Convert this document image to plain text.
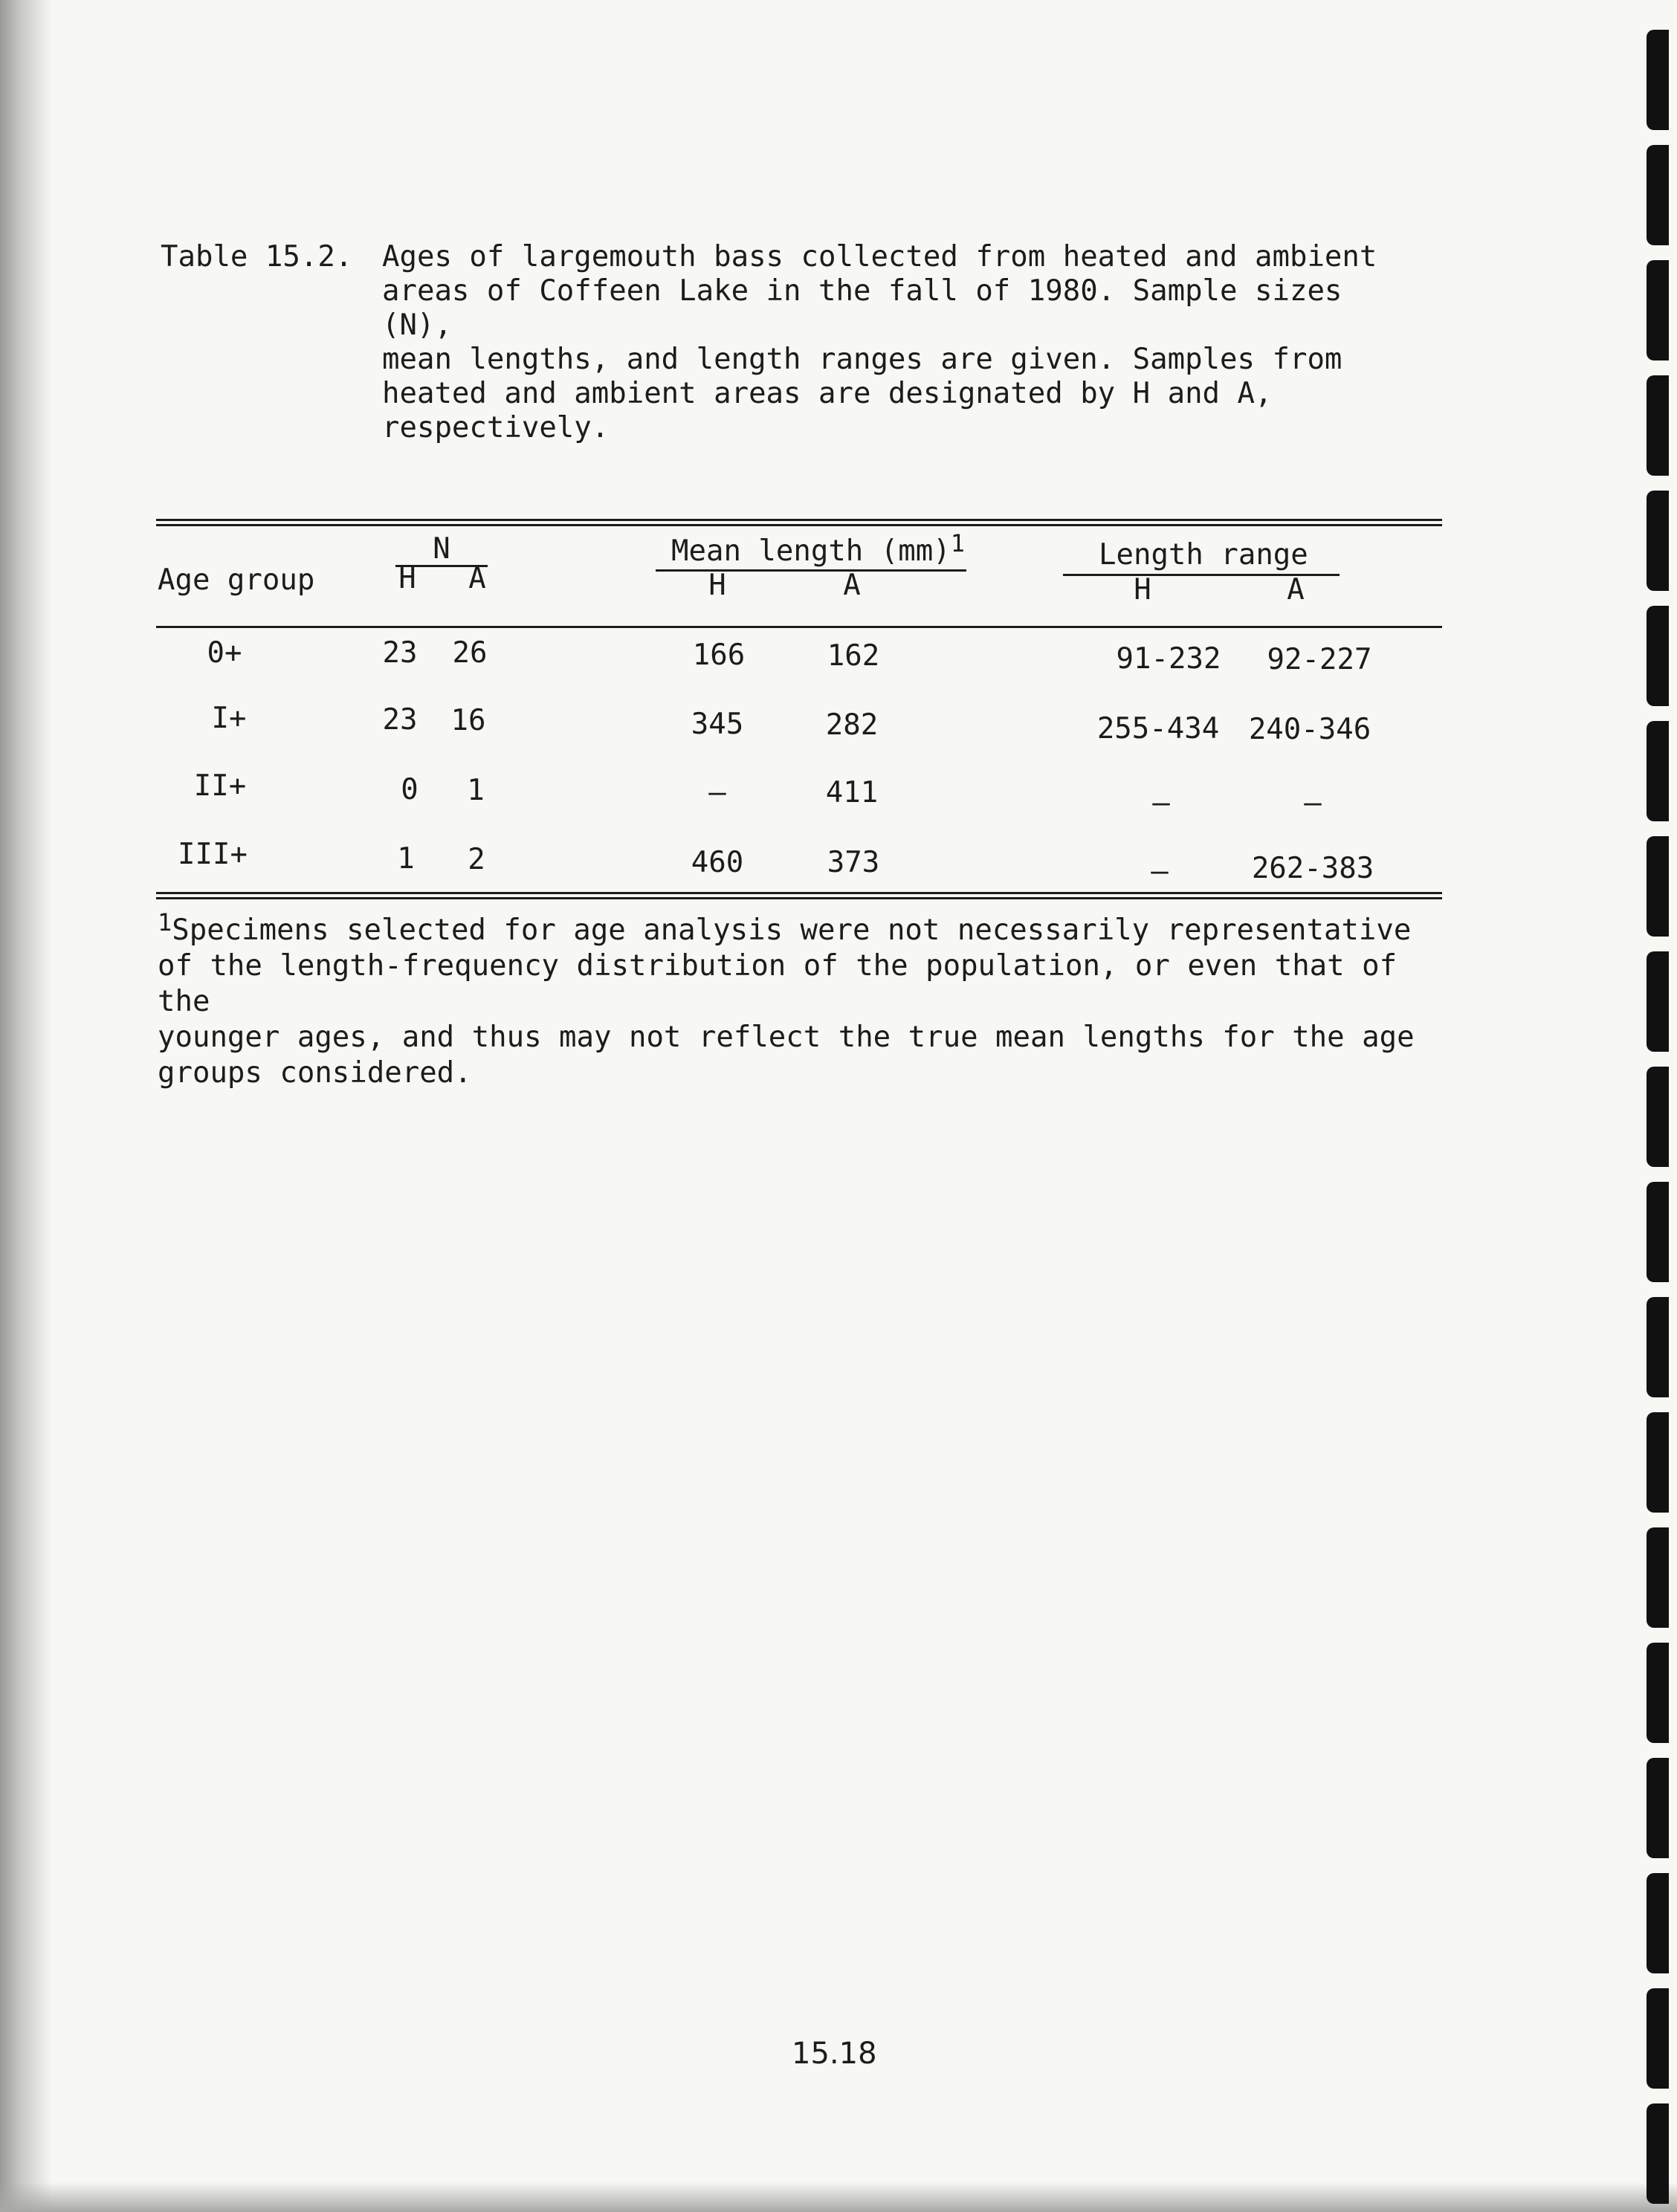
Table 15.2. Ages of largemouth bass collected from heated and ambient
areas of Coffeen Lake in the fall of 1980. Sample sizes (N),
mean lengths, and length ranges are given. Samples from
heated and ambient areas are designated by H and A,
respectively.
Age group
N
H A
Mean length (mm)$^1$
H	A
Length range
H	A
0+	23 26	166	162	91-232 92-227
I+	23 16	345	282	255-434 240-346
II+	0 1	—	411	—	—
III+	1 2	460	373	—	262-383
$^1$Specimens selected for age analysis were not necessarily representative
of the length-frequency distribution of the population, or even that of the
younger ages, and thus may not reflect the true mean lengths for the age
groups considered.
15.18
